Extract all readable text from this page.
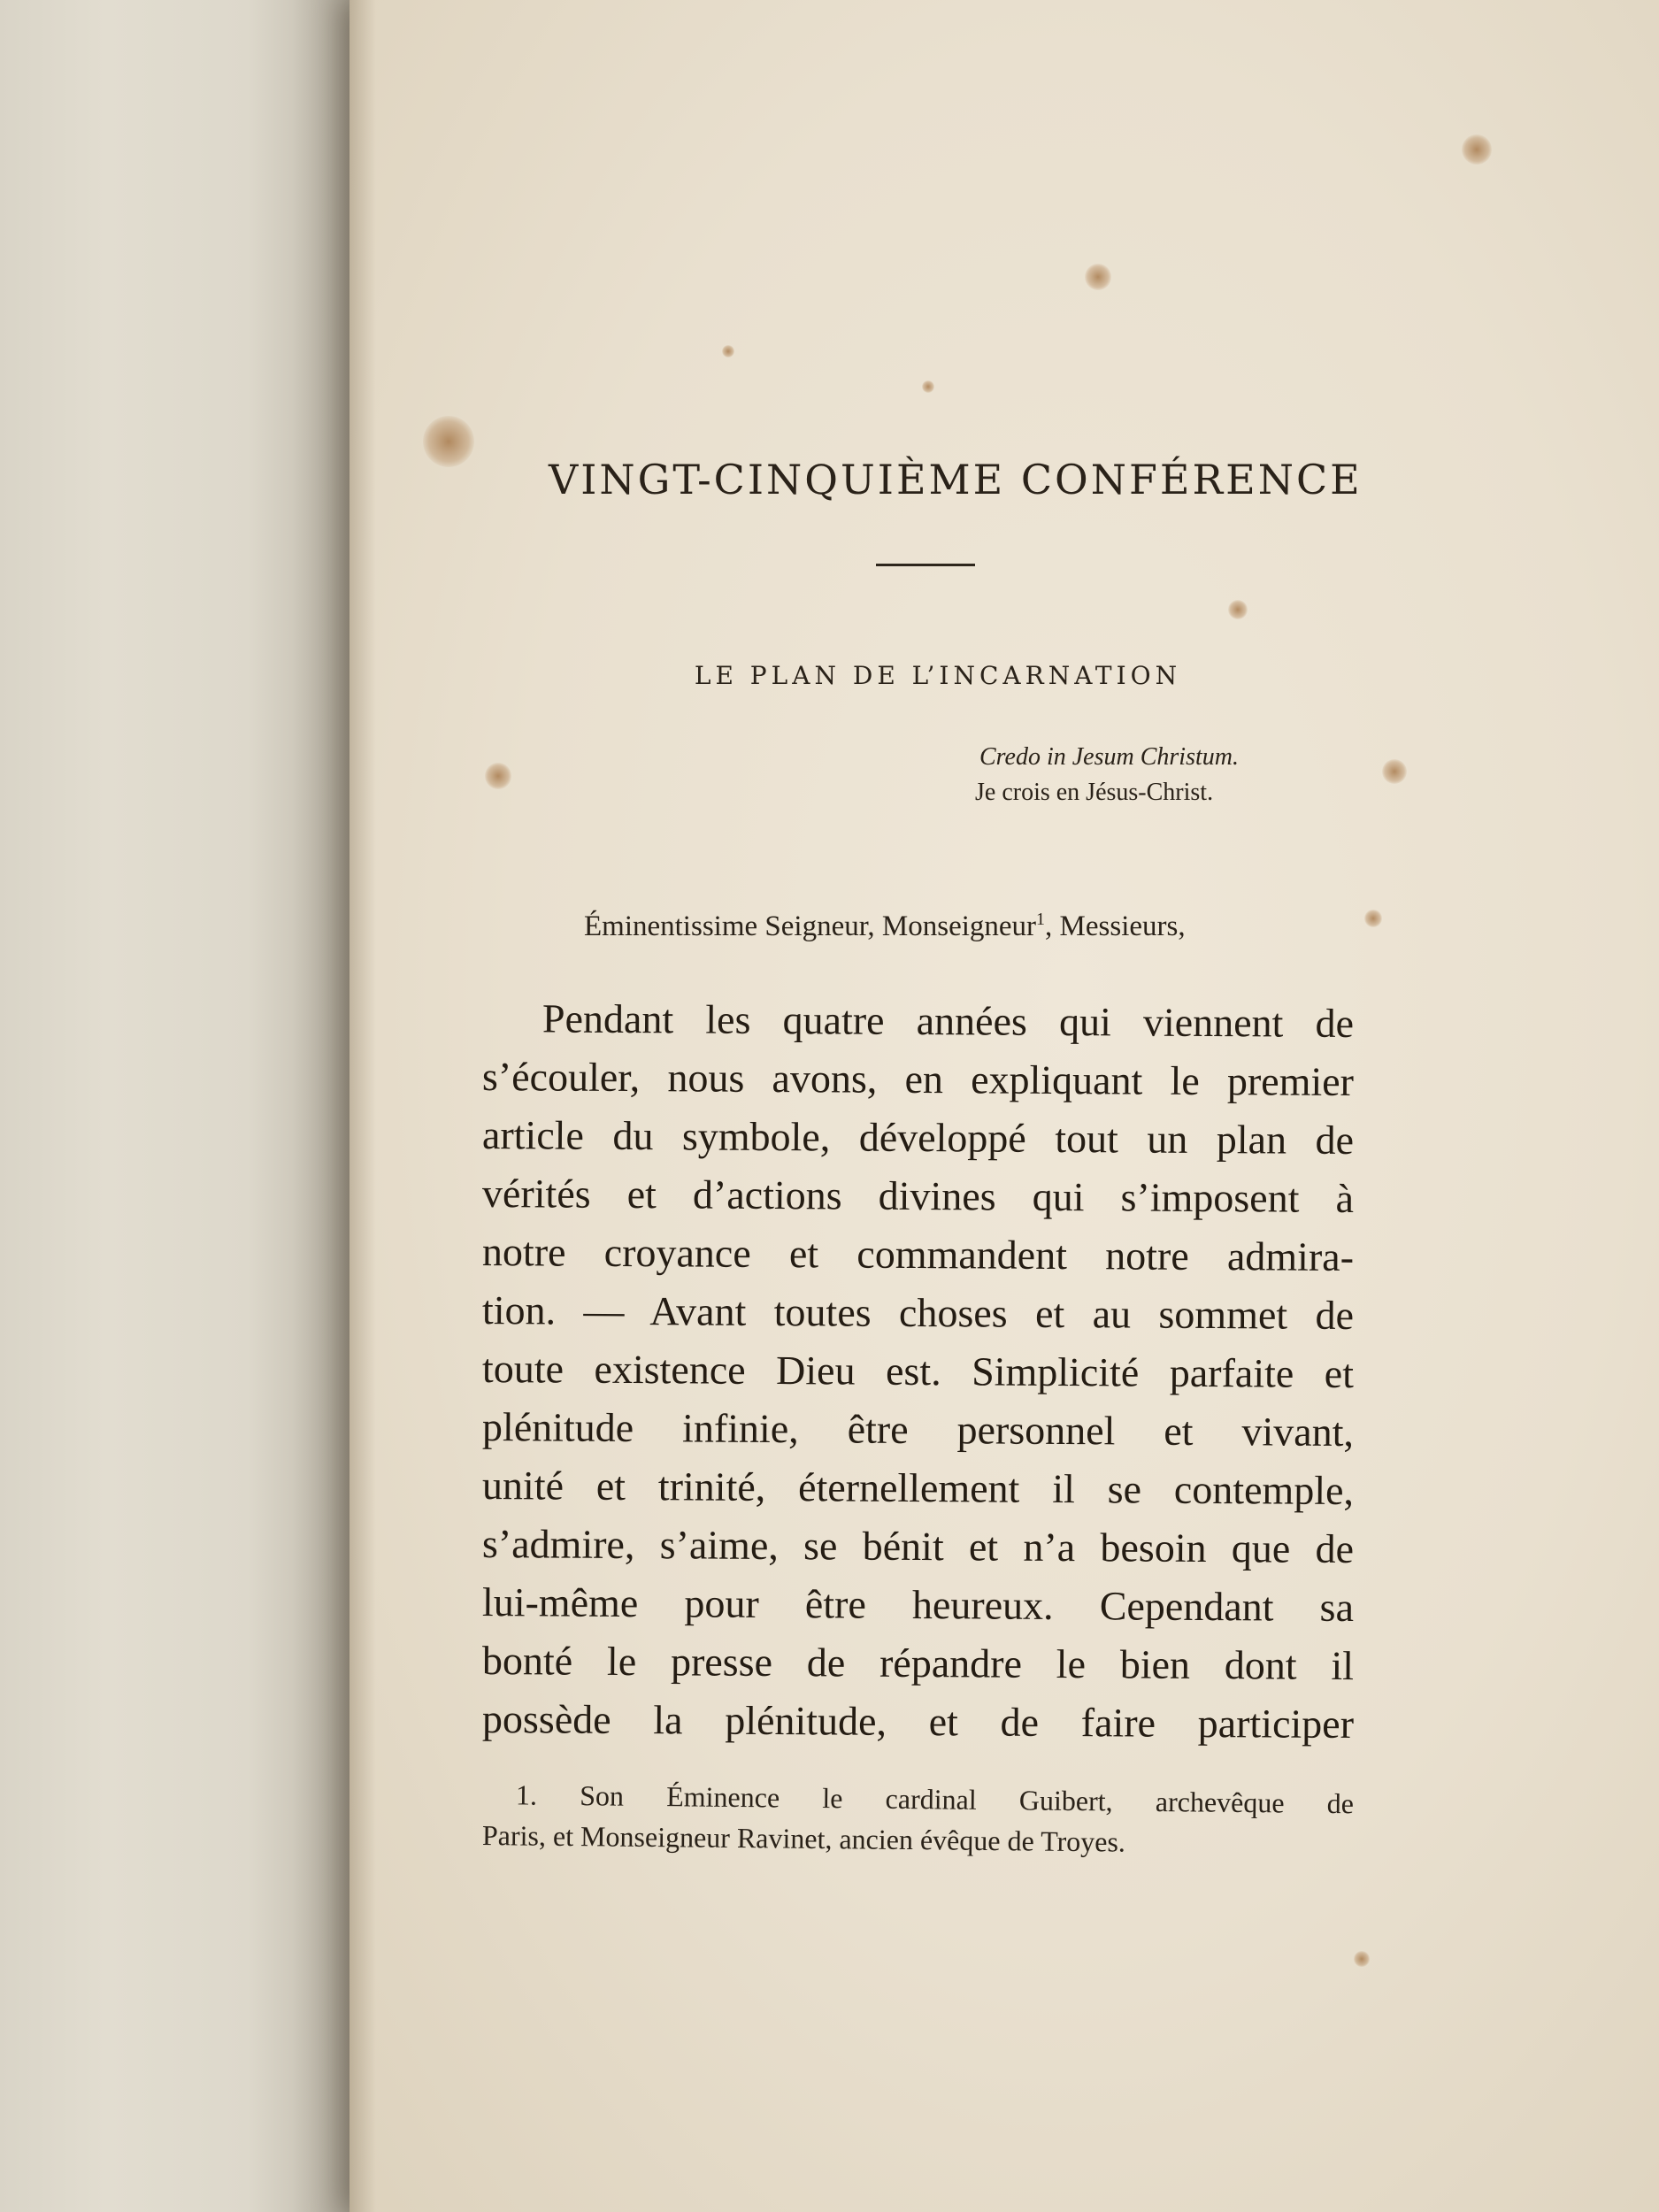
VINGT-CINQUIÈME CONFÉRENCE
LE PLAN DE L’INCARNATION
Credo in Jesum Christum.
Je crois en Jésus-Christ.
Éminentissime Seigneur, Monseigneur$^1$, Messieurs,
Pendant les quatre années qui viennent de
s’écouler, nous avons, en expliquant le premier
article du symbole, développé tout un plan de
vérités et d’actions divines qui s’imposent à
notre croyance et commandent notre admira-
tion. — Avant toutes choses et au sommet de
toute existence Dieu est. Simplicité parfaite et
plénitude infinie, être personnel et vivant,
unité et trinité, éternellement il se contemple,
s’admire, s’aime, se bénit et n’a besoin que de
lui-même pour être heureux. Cependant sa
bonté le presse de répandre le bien dont il
possède la plénitude, et de faire participer
1. Son Éminence le cardinal Guibert, archevêque de
Paris, et Monseigneur Ravinet, ancien évêque de Troyes.
